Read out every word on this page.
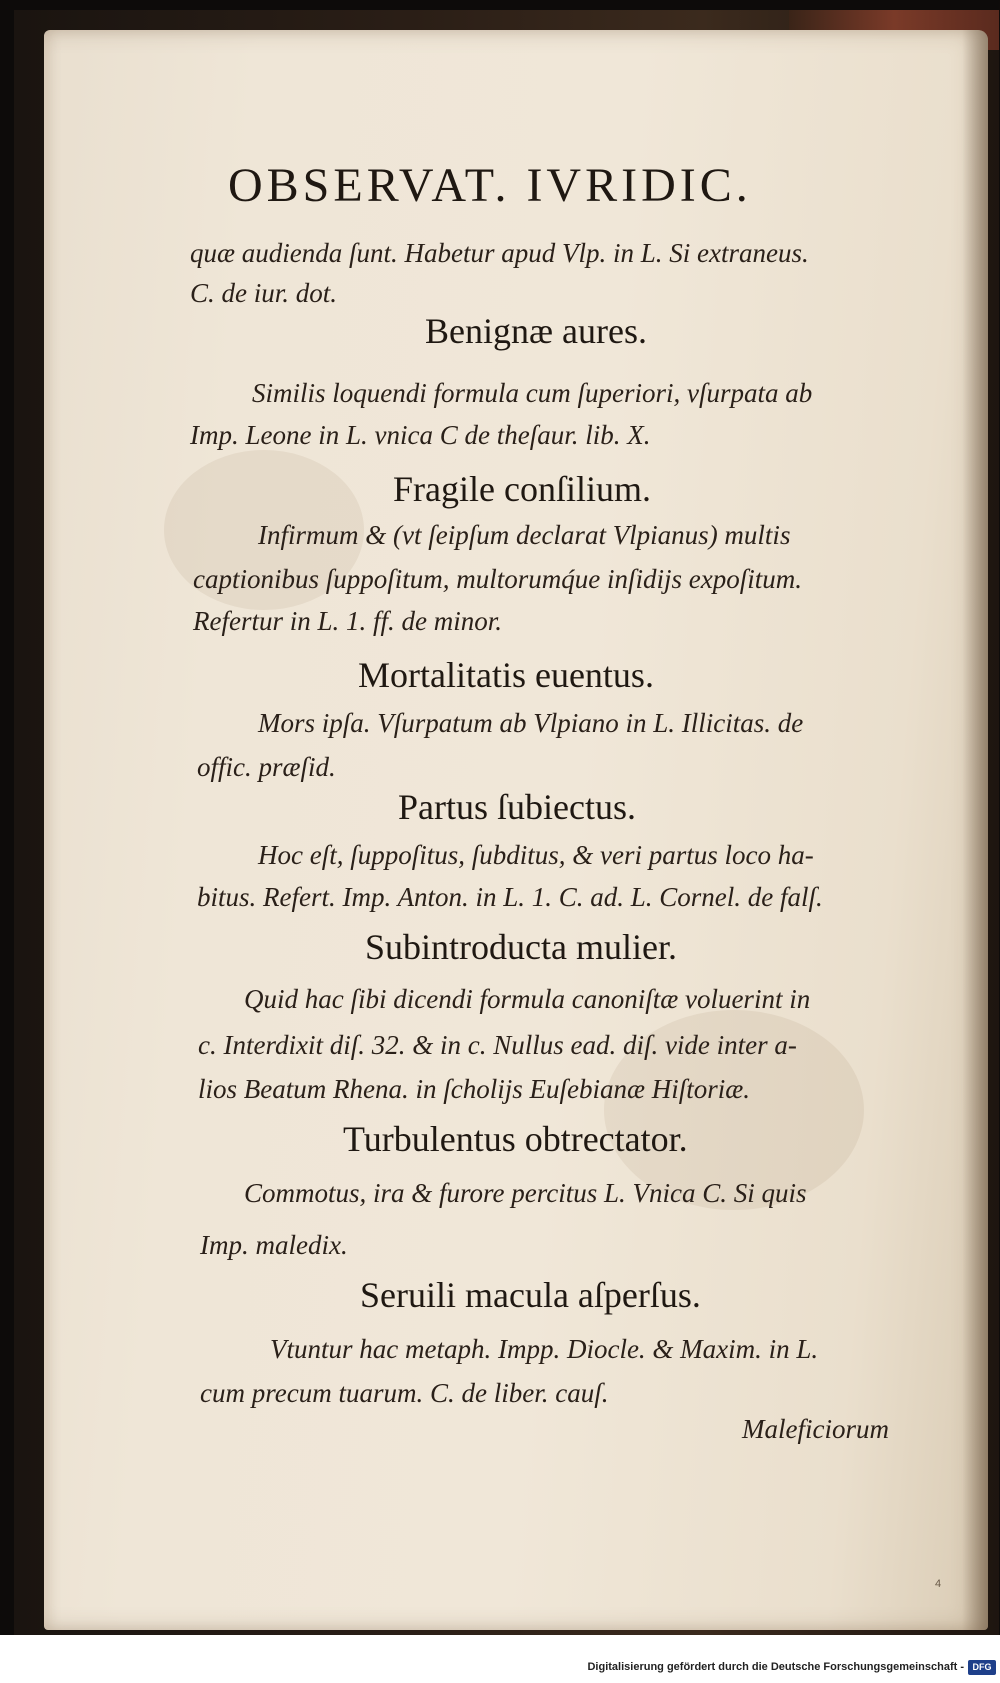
OBSERVAT. IVRIDIC.
quæ audienda ſunt. Habetur apud Vlp. in L. Si extraneus.
C. de iur. dot.
Benignæ aures.
Similis loquendi formula cum ſuperiori, vſurpata ab
Imp. Leone in L. vnica C de theſaur. lib. X.
Fragile conſilium.
Infirmum & (vt ſeipſum declarat Vlpianus) multis
captionibus ſuppoſitum, multorumq́ue inſidijs expoſitum.
Refertur in L. 1. ff. de minor.
Mortalitatis euentus.
Mors ipſa. Vſurpatum ab Vlpiano in L. Illicitas. de
offic. præſid.
Partus ſubiectus.
Hoc eſt, ſuppoſitus, ſubditus, & veri partus loco ha-
bitus. Refert. Imp. Anton. in L. 1. C. ad. L. Cornel. de falſ.
Subintroducta mulier.
Quid hac ſibi dicendi formula canoniſtæ voluerint in
c. Interdixit diſ. 32. & in c. Nullus ead. diſ. vide inter a-
lios Beatum Rhena. in ſcholijs Euſebianæ Hiſtoriæ.
Turbulentus obtrectator.
Commotus, ira & furore percitus L. Vnica C. Si quis
Imp. maledix.
Seruili macula aſperſus.
Vtuntur hac metaph. Impp. Diocle. & Maxim. in L.
cum precum tuarum. C. de liber. cauſ.
Maleficiorum
4
Digitalisierung gefördert durch die Deutsche Forschungsgemeinschaft - DFG
